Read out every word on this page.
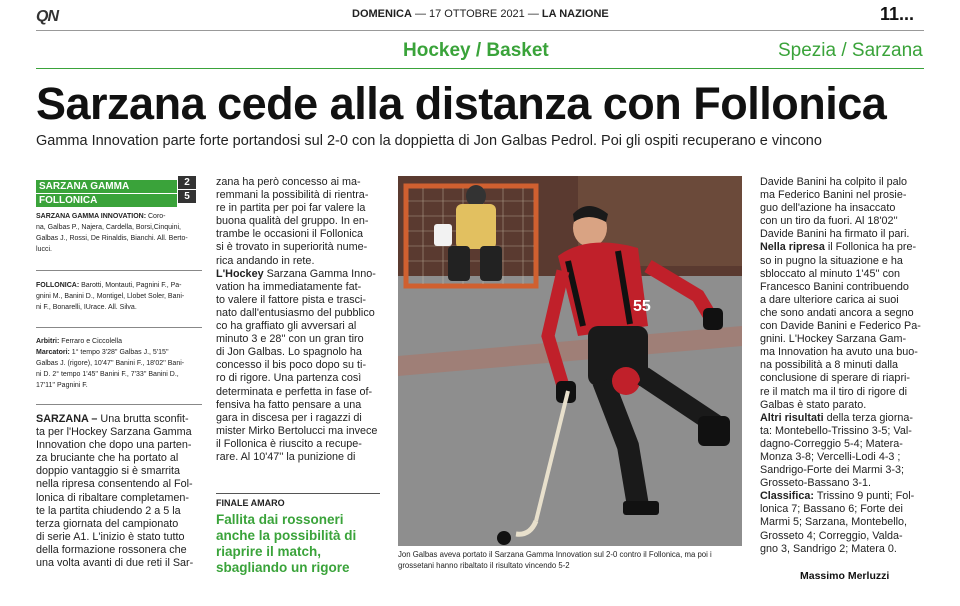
QN	DOMENICA — 17 OTTOBRE 2021 — LA NAZIONE	11...
Hockey / Basket	Spezia / Sarzana
Sarzana cede alla distanza con Follonica
Gamma Innovation parte forte portandosi sul 2-0 con la doppietta di Jon Galbas Pedrol. Poi gli ospiti recuperano e vincono
SARZANA GAMMA	2
FOLLONICA	5
SARZANA GAMMA INNOVATION: Coro-
na, Galbas P., Najera, Cardella, Borsi,Cinquini,
Galbas J., Rossi, De Rinaldis, Bianchi. All. Berto-
lucci.
FOLLONICA: Barotti, Montauti, Pagnini F., Pa-
gnini M., Banini D., Montigel, Llobet Soler, Bani-
ni F., Bonarelli, IUrace. All. Silva.
Arbitri: Ferraro e Ciccolella
Marcatori: 1° tempo 3'28'' Galbas J., 5'15''
Galbas J. (rigore), 10'47'' Banini F., 18'02'' Bani-
ni D. 2° tempo 1'45'' Banini F., 7'33'' Banini D.,
17'11'' Pagnini F.
SARZANA – Una brutta sconfit-
ta per l'Hockey Sarzana Gamma
Innovation che dopo una parten-
za bruciante che ha portato al
doppio vantaggio si è smarrita
nella ripresa consentendo al Fol-
lonica di ribaltare completamen-
te la partita chiudendo 2 a 5 la
terza giornata del campionato
di serie A1. L'inizio è stato tutto
della formazione rossonera che
una volta avanti di due reti il Sar-
zana ha però concesso ai ma-
remmani la possibilità di rientra-
re in partita per poi far valere la
buona qualità del gruppo. In en-
trambe le occasioni il Follonica
si è trovato in superiorità nume-
rica andando in rete.
L'Hockey Sarzana Gamma Inno-
vation ha immediatamente fat-
to valere il fattore pista e trasci-
nato dall'entusiasmo del pubblico
co ha graffiato gli avversari al
minuto 3 e 28'' con un gran tiro
di Jon Galbas. Lo spagnolo ha
concesso il bis poco dopo su ti-
ro di rigore. Una partenza così
determinata e perfetta in fase of-
fensiva ha fatto pensare a una
gara in discesa per i ragazzi di
mister Mirko Bertolucci ma invece
il Follonica è riuscito a recupe-
rare. Al 10'47'' la punizione di
FINALE AMARO
Fallita dai rossoneri anche la possibilità di riaprire il match, sbagliando un rigore
55
Jon Galbas aveva portato il Sarzana Gamma Innovation sul 2-0 contro il Follonica, ma poi i grossetani hanno ribaltato il risultato vincendo 5-2
Davide Banini ha colpito il palo
ma Federico Banini nel prosie-
guo dell'azione ha insaccato
con un tiro da fuori. Al 18'02''
Davide Banini ha firmato il pari.
Nella ripresa il Follonica ha pre-
so in pugno la situazione e ha
sbloccato al minuto 1'45'' con
Francesco Banini contribuendo
a dare ulteriore carica ai suoi
che sono andati ancora a segno
con Davide Banini e Federico Pa-
gnini. L'Hockey Sarzana Gam-
ma Innovation ha avuto una buo-
na possibilità a 8 minuti dalla
conclusione di sperare di riapri-
re il match ma il tiro di rigore di
Galbas è stato parato.
Altri risultati della terza giorna-
ta: Montebello-Trissino 3-5; Val-
dagno-Correggio 5-4; Matera-
Monza 3-8; Vercelli-Lodi 4-3 ;
Sandrigo-Forte dei Marmi 3-3;
Grosseto-Bassano 3-1.
Classifica: Trissino 9 punti; Fol-
lonica 7; Bassano 6; Forte dei
Marmi 5; Sarzana, Montebello,
Grosseto 4; Correggio, Valda-
gno 3, Sandrigo 2; Matera 0.
Massimo Merluzzi
